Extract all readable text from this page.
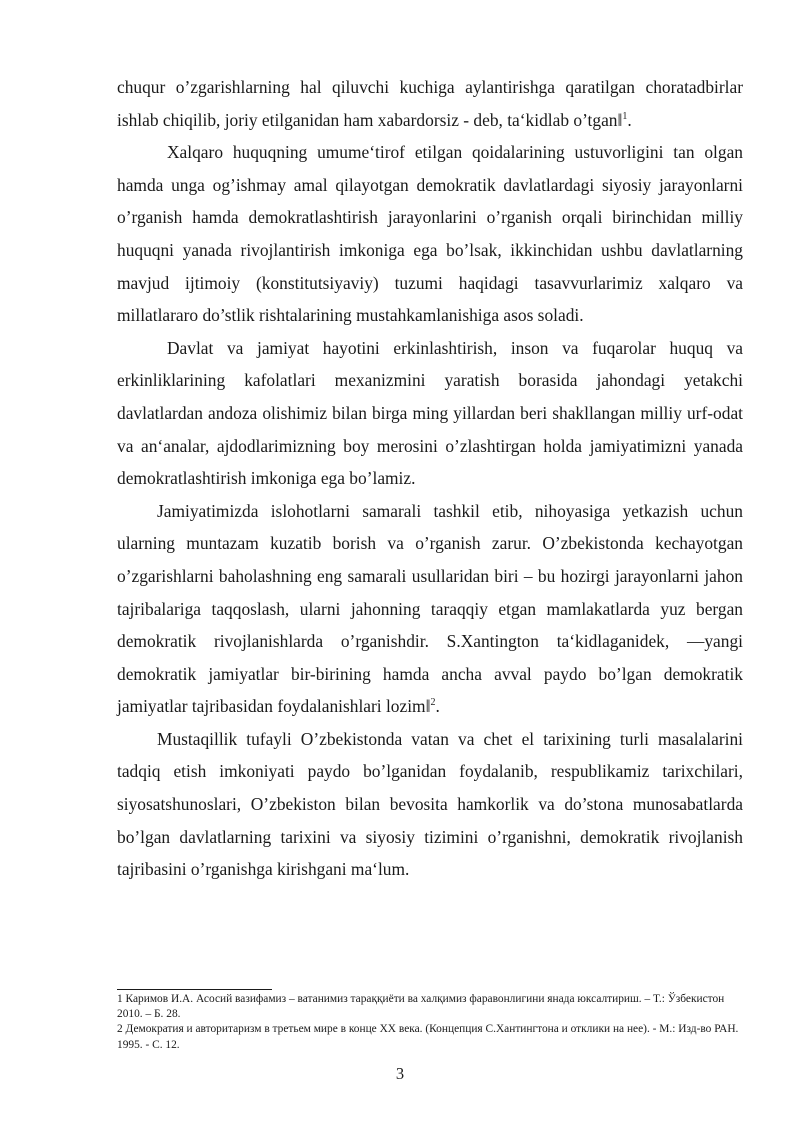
chuqur o’zgarishlarning hal qiluvchi kuchiga aylantirishga qaratilgan choratadbirlar ishlab chiqilib, joriy etilganidan ham xabardorsiz - deb, ta‘kidlab o’tgan‖$^1$.

Xalqaro huquqning umume‘tirof etilgan qoidalarining ustuvorligini tan olgan hamda unga og’ishmay amal qilayotgan demokratik davlatlardagi siyosiy jarayonlarni o’rganish hamda demokratlashtirish jarayonlarini o’rganish orqali birinchidan milliy huquqni yanada rivojlantirish imkoniga ega bo’lsak, ikkinchidan ushbu davlatlarning mavjud ijtimoiy (konstitutsiyaviy) tuzumi haqidagi tasavvurlarimiz xalqaro va millatlararo do’stlik rishtalarining mustahkamlanishiga asos soladi.

Davlat va jamiyat hayotini erkinlashtirish, inson va fuqarolar huquq va erkinliklarining kafolatlari mexanizmini yaratish borasida jahondagi yetakchi davlatlardan andoza olishimiz bilan birga ming yillardan beri shakllangan milliy urf-odat va an‘analar, ajdodlarimizning boy merosini o’zlashtirgan holda jamiyatimizni yanada demokratlashtirish imkoniga ega bo’lamiz.

Jamiyatimizda islohotlarni samarali tashkil etib, nihoyasiga yetkazish uchun ularning muntazam kuzatib borish va o’rganish zarur. O’zbekistonda kechayotgan o’zgarishlarni baholashning eng samarali usullaridan biri – bu hozirgi jarayonlarni jahon tajribalariga taqqoslash, ularni jahonning taraqqiy etgan mamlakatlarda yuz bergan demokratik rivojlanishlarda o’rganishdir. S.Xantington ta‘kidlaganidek, ―yangi demokratik jamiyatlar bir-birining hamda ancha avval paydo bo’lgan demokratik jamiyatlar tajribasidan foydalanishlari lozim‖$^2$.

Mustaqillik tufayli O’zbekistonda vatan va chet el tarixining turli masalalarini tadqiq etish imkoniyati paydo bo’lganidan foydalanib, respublikamiz tarixchilari, siyosatshunoslari, O’zbekiston bilan bevosita hamkorlik va do’stona munosabatlarda bo’lgan davlatlarning tarixini va siyosiy tizimini o’rganishni, demokratik rivojlanish tajribasini o’rganishga kirishgani ma‘lum.

1 Каримов И.А. Асосий вазифамиз – ватанимиз тараққиёти ва халқимиз фаравонлигини янада юксалтириш. – Т.: Ўзбекистон 2010. – Б. 28.

2 Демократия и авторитаризм в третьем мире в конце XX века. (Концепция С.Хантингтона и отклики на нее). - М.: Изд-во РАН. 1995. - С. 12.

3
